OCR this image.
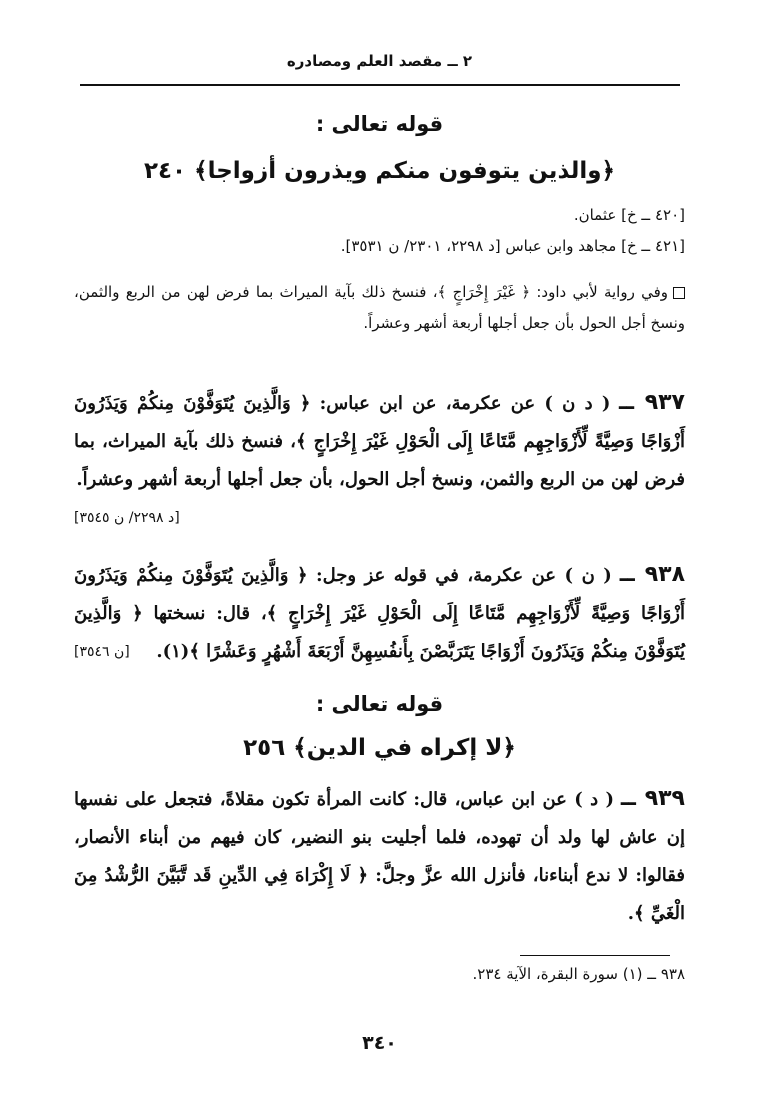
٢ ــ مقصد العلم ومصادره
قوله تعالى :
﴿والذين يتوفون منكم ويذرون أزواجا﴾ ٢٤٠
[٤٢٠ ــ خ] عثمان.
[٤٢١ ــ خ] مجاهد وابن عباس [د ٢٢٩٨، ٢٣٠١/ ن ٣٥٣١].
وفي رواية لأبي داود: ﴿ غَيْرَ إِخْرَاجٍ ﴾، فنسخ ذلك بآية الميراث بما فرض لهن من الربع والثمن، ونسخ أجل الحول بأن جعل أجلها أربعة أشهر وعشراً.
٩٣٧ ــ ( د ن ) عن عكرمة، عن ابن عباس: ﴿ وَالَّذِينَ يُتَوَفَّوْنَ مِنكُمْ وَيَذَرُونَ أَزْوَاجًا وَصِيَّةً لِّأَزْوَاجِهِم مَّتَاعًا إِلَى الْحَوْلِ غَيْرَ إِخْرَاجٍ ﴾، فنسخ ذلك بآية الميراث، بما فرض لهن من الربع والثمن، ونسخ أجل الحول، بأن جعل أجلها أربعة أشهر وعشراً.
[د ٢٢٩٨/ ن ٣٥٤٥]
٩٣٨ ــ ( ن ) عن عكرمة، في قوله عز وجل: ﴿ وَالَّذِينَ يُتَوَفَّوْنَ مِنكُمْ وَيَذَرُونَ أَزْوَاجًا وَصِيَّةً لِّأَزْوَاجِهِم مَّتَاعًا إِلَى الْحَوْلِ غَيْرَ إِخْرَاجٍ ﴾، قال: نسختها ﴿ وَالَّذِينَ يُتَوَفَّوْنَ مِنكُمْ وَيَذَرُونَ أَزْوَاجًا يَتَرَبَّصْنَ بِأَنفُسِهِنَّ أَرْبَعَةَ أَشْهُرٍ وَعَشْرًا ﴾(١).
[ن ٣٥٤٦]
قوله تعالى :
﴿لا إكراه في الدين﴾ ٢٥٦
٩٣٩ ــ ( د ) عن ابن عباس، قال: كانت المرأة تكون مقلاةً، فتجعل على نفسها إن عاش لها ولد أن تهوده، فلما أجليت بنو النضير، كان فيهم من أبناء الأنصار، فقالوا: لا ندع أبناءنا، فأنزل الله عزَّ وجلَّ: ﴿ لَا إِكْرَاهَ فِي الدِّينِ قَد تَّبَيَّنَ الرُّشْدُ مِنَ الْغَيِّ ﴾.
٩٣٨ ــ (١) سورة البقرة، الآية ٢٣٤.
٣٤٠
